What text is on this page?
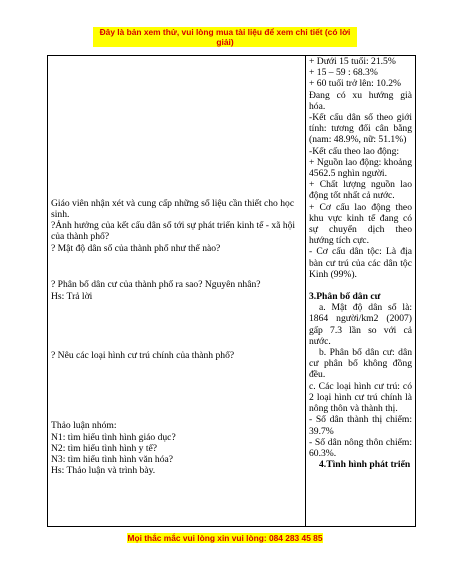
Đây là bản xem thử, vui lòng mua tài liệu để xem chi tiết (có lời giải)

Giáo viên nhận xét và cung cấp những số liệu cần thiết cho học sinh.

?Ảnh hưởng của kết cấu dân số tới sự phát triển kinh tế - xã hội của thành phố?

? Mật độ dân số của thành phố như thế nào?

? Phân bố dân cư của thành phố ra sao? Nguyên nhân?

Hs: Trả lời

? Nêu các loại hình cư trú chính của thành phố?

Thảo luận nhóm:

N1: tìm hiểu tình hình giáo dục?

N2: tìm hiểu tình hình y tế?

N3: tìm hiểu tình hình văn hóa?

Hs: Thảo luận và trình bày.

+ Dưới 15 tuổi: 21.5%

+ 15 – 59 : 68.3%

+ 60 tuổi trở lên: 10.2%

Đang có xu hướng già hóa.

-Kết cấu dân số theo giới tính: tương đối cân bằng (nam: 48.9%, nữ: 51.1%)

-Kết cấu theo lao động:

+ Nguồn lao động: khoảng 4562.5 nghìn người.

+ Chất lượng nguồn lao động tốt nhất cả nước.

+ Cơ cấu lao động theo khu vực kinh tế đang có sự chuyển dịch theo hướng tích cực.

- Cơ cấu dân tộc: Là địa bàn cư trú của các dân tộc Kinh (99%).

3.Phân bố dân cư

a. Mật độ dân số là: 1864 người/km2 (2007) gấp 7.3 lần so với cả nước.

b. Phân bố dân cư: dân cư phân bố không đồng đều.

c. Các loại hình cư trú: có 2 loại hình cư trú chính là nông thôn và thành thị.

- Số dân thành thị chiếm: 39.7%

- Số dân nông thôn chiếm: 60.3%.

4.Tình hình phát triển

Mọi thắc mắc vui lòng xin vui lòng: 084 283 45 85
